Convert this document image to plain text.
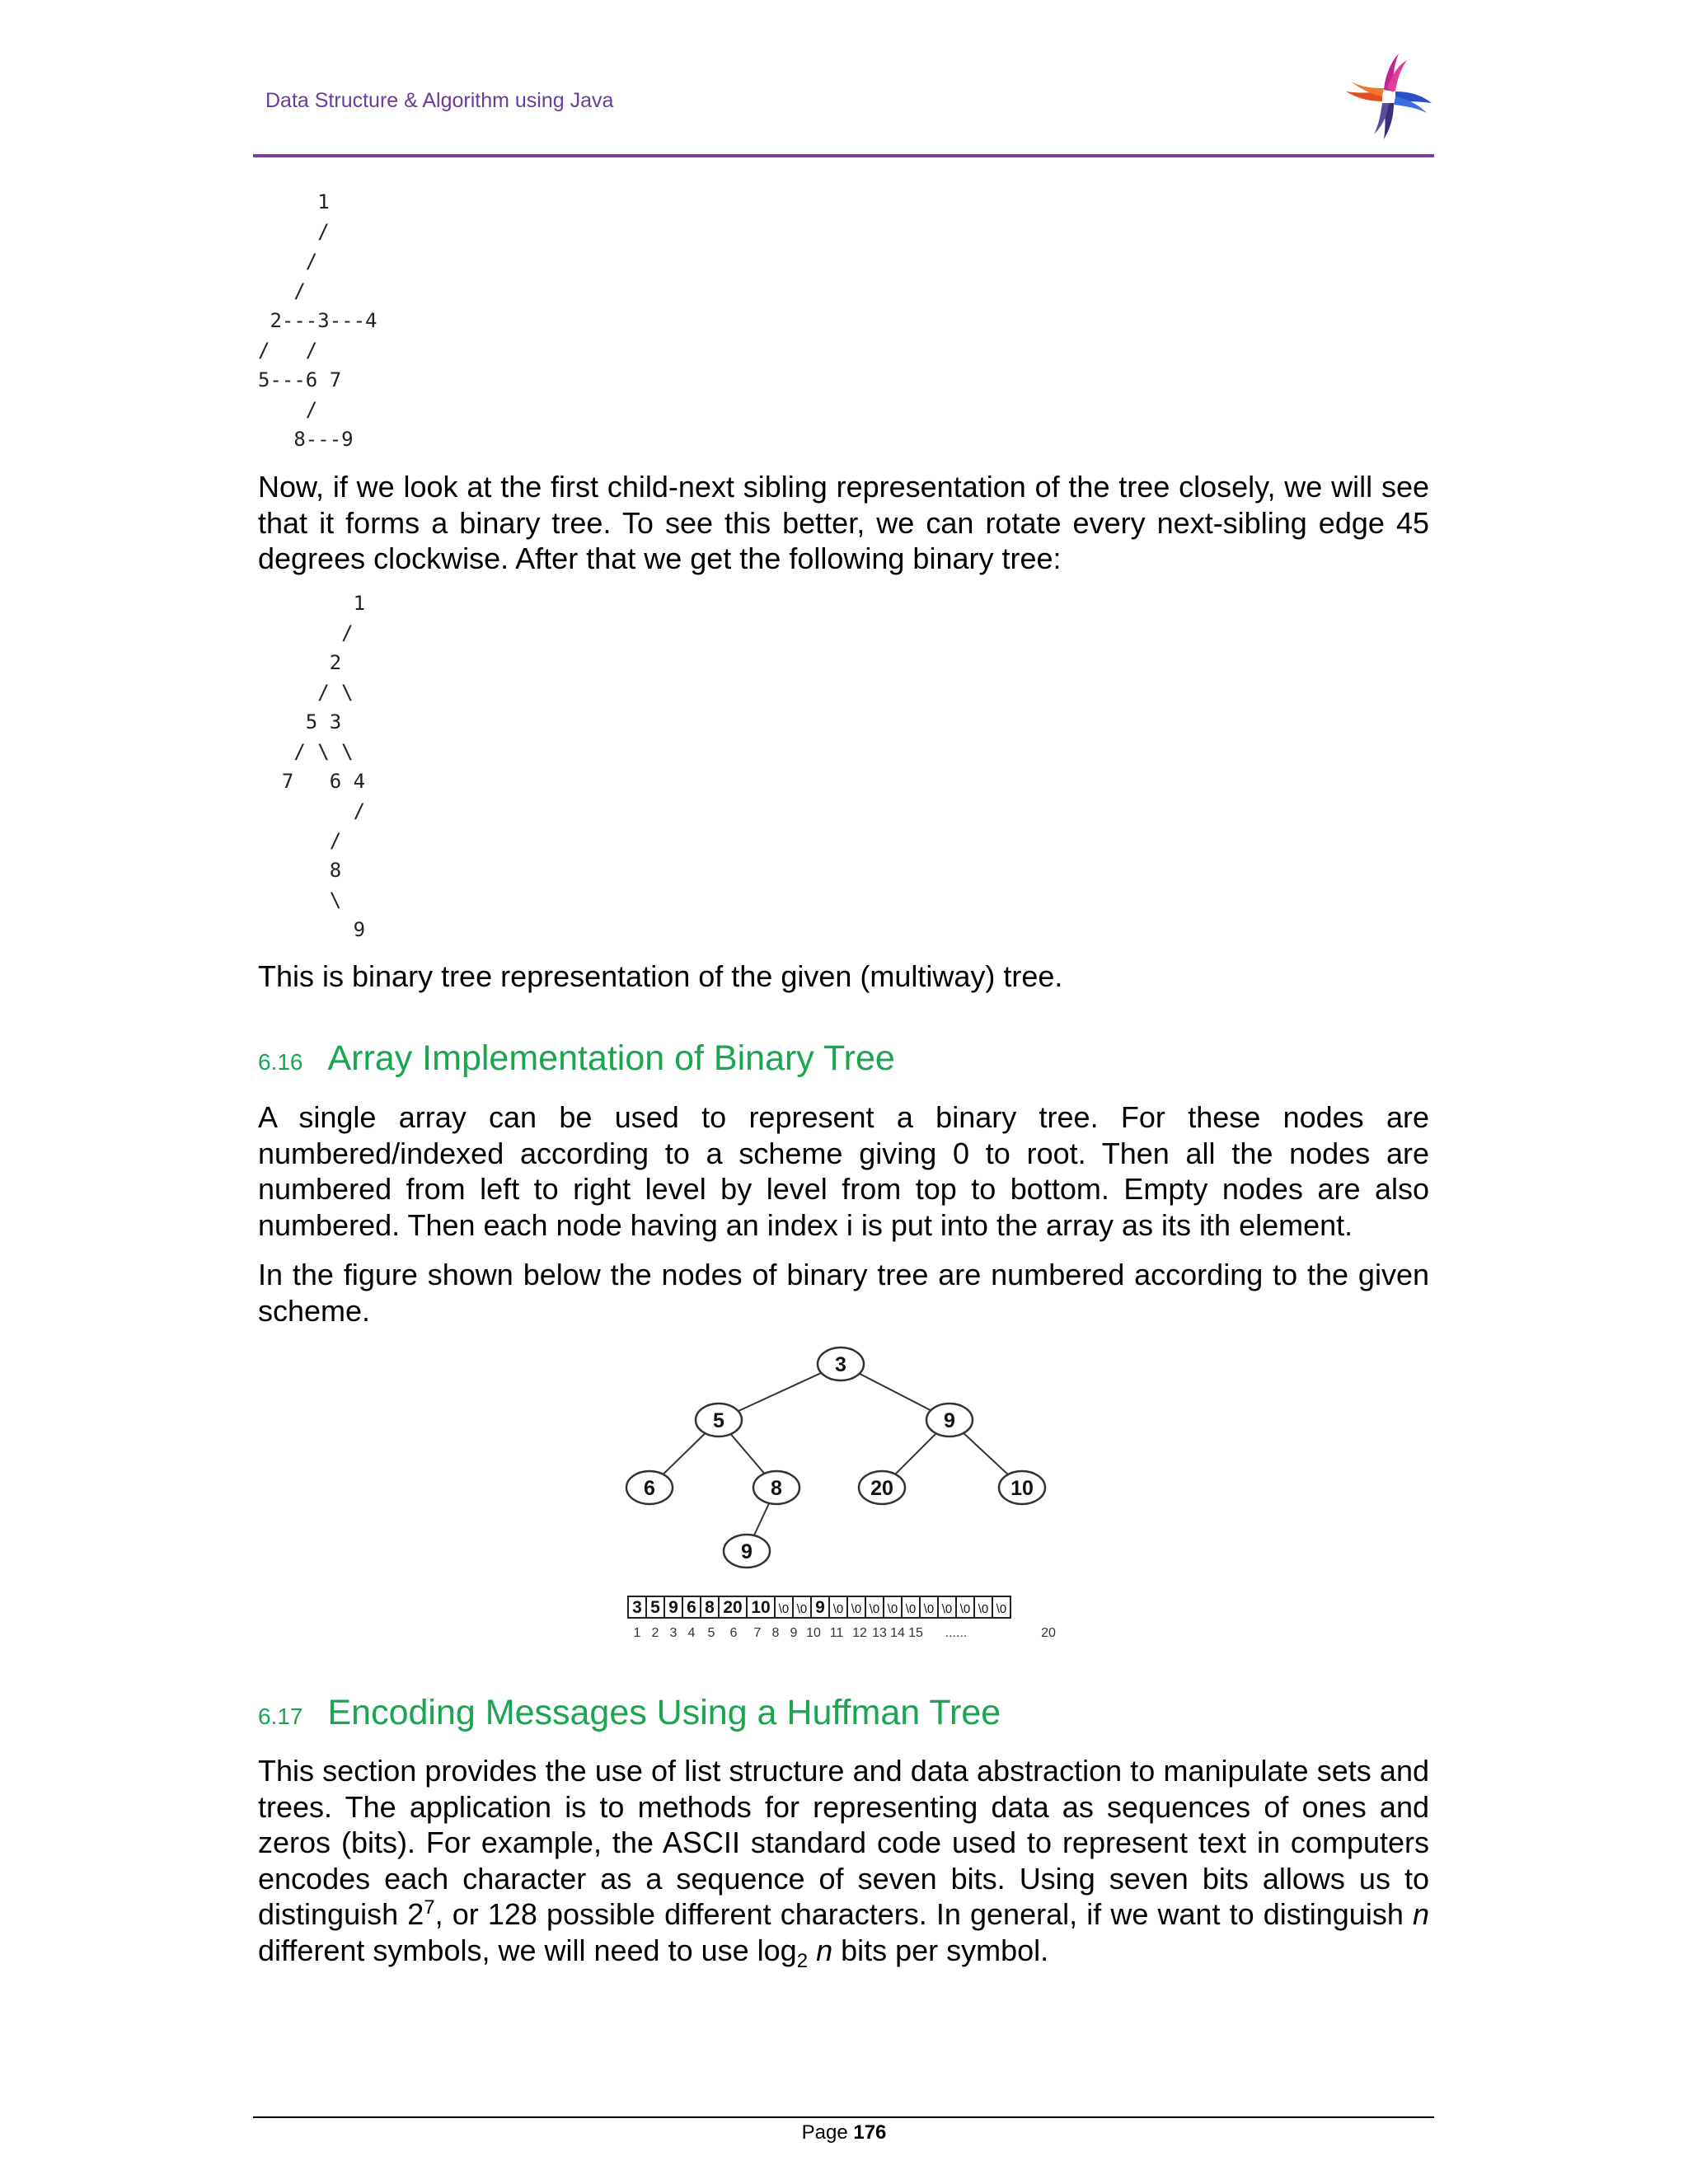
Data Structure & Algorithm using Java
1
/
/
/
2---3---4
/   /
5---6 7
/
8---9
Now, if we look at the first child-next sibling representation of the tree closely, we will see that it forms a binary tree. To see this better, we can rotate every next-sibling edge 45 degrees clockwise. After that we get the following binary tree:
1
/
2
/ \
5 3
/ \ \
7   6 4
/
/
8
\
9
This is binary tree representation of the given (multiway) tree.
6.16 Array Implementation of Binary Tree
A single array can be used to represent a binary tree. For these nodes are numbered/indexed according to a scheme giving 0 to root. Then all the nodes are numbered from left to right level by level from top to bottom. Empty nodes are also numbered. Then each node having an index i is put into the array as its ith element.
In the figure shown below the nodes of binary tree are numbered according to the given scheme.
3
5	9
6	8	20	10
9
3 5 9 6 8 20 10 \0 \0 9 \0 \0 \0 \0 \0 \0 \0 \0 \0 \0
1 2 3 4 5 6 7 8 9 10 11 12 13 14 15 ......	20
6.17 Encoding Messages Using a Huffman Tree
This section provides the use of list structure and data abstraction to manipulate sets and trees. The application is to methods for representing data as sequences of ones and zeros (bits). For example, the ASCII standard code used to represent text in computers encodes each character as a sequence of seven bits. Using seven bits allows us to distinguish $2^7$, or 128 possible different characters. In general, if we want to distinguish n different symbols, we will need to use $\log_2 n$ bits per symbol.
Page 176
